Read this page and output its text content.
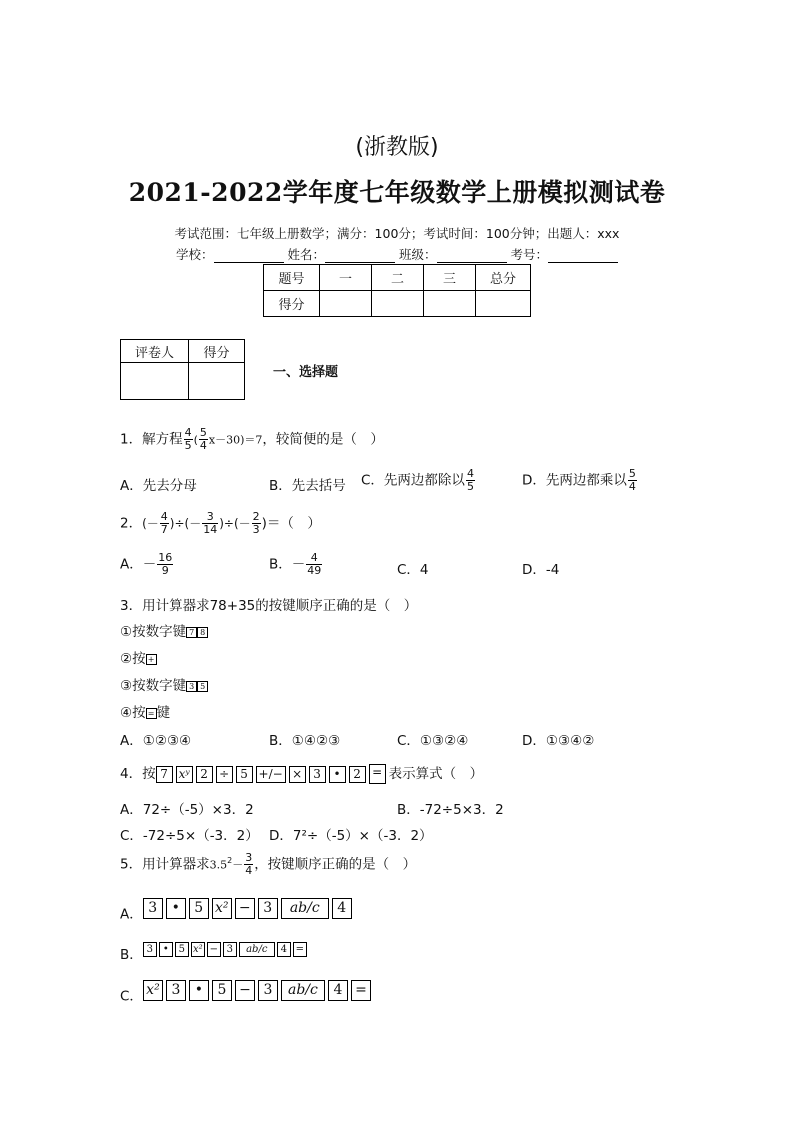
(浙教版)
2021-2022学年度七年级数学上册模拟测试卷
考试范围：七年级上册数学；满分：100分；考试时间：100分钟；出题人：xxx
学校：	姓名：	班级：	考号：
题号	一	二	三	总分
得分				
评卷人	得分

一、选择题
1．解方程 $\frac{4}{5}$ ( $\frac{5}{4} x-30)=7$，较简便的是（　）
A．先去分母	B．先去括号 C．先两边都除以 $\frac{4}{5}$	D．先两边都乘以 $\frac{5}{4}$
2．(－ $\frac{4}{7}$ )÷(－ $\frac{3}{14}$ )÷(－ $\frac{2}{3}$ )＝（　）
A．－ $\frac{16}{9}$	B．－ $\frac{4}{49}$	C．4	D．-4
3．用计算器求78+35的按键顺序正确的是（　）
①按数字键 7 8
②按 +
③按数字键 3 5
④按 = 键
A．①②③④	B．①④②③	C．①③②④	D．①③④②
4．按 7 xʸ 2 ÷ 5 +/− × 3 • 2 = 表示算式（　）
A．72÷（-5）×3．2	B．-72÷5×3．2
C．-72÷5×（-3．2） D．7²÷（-5）×（-3．2）
5．用计算器求$3.5^2- \frac{3}{4}$ ，按键顺序正确的是（　）
A． 3 • 5 x² − 3 ab/c 4
B． 3 • 5 x² − 3 ab/c 4 =
C． x² 3 • 5 − 3 ab/c 4 =
